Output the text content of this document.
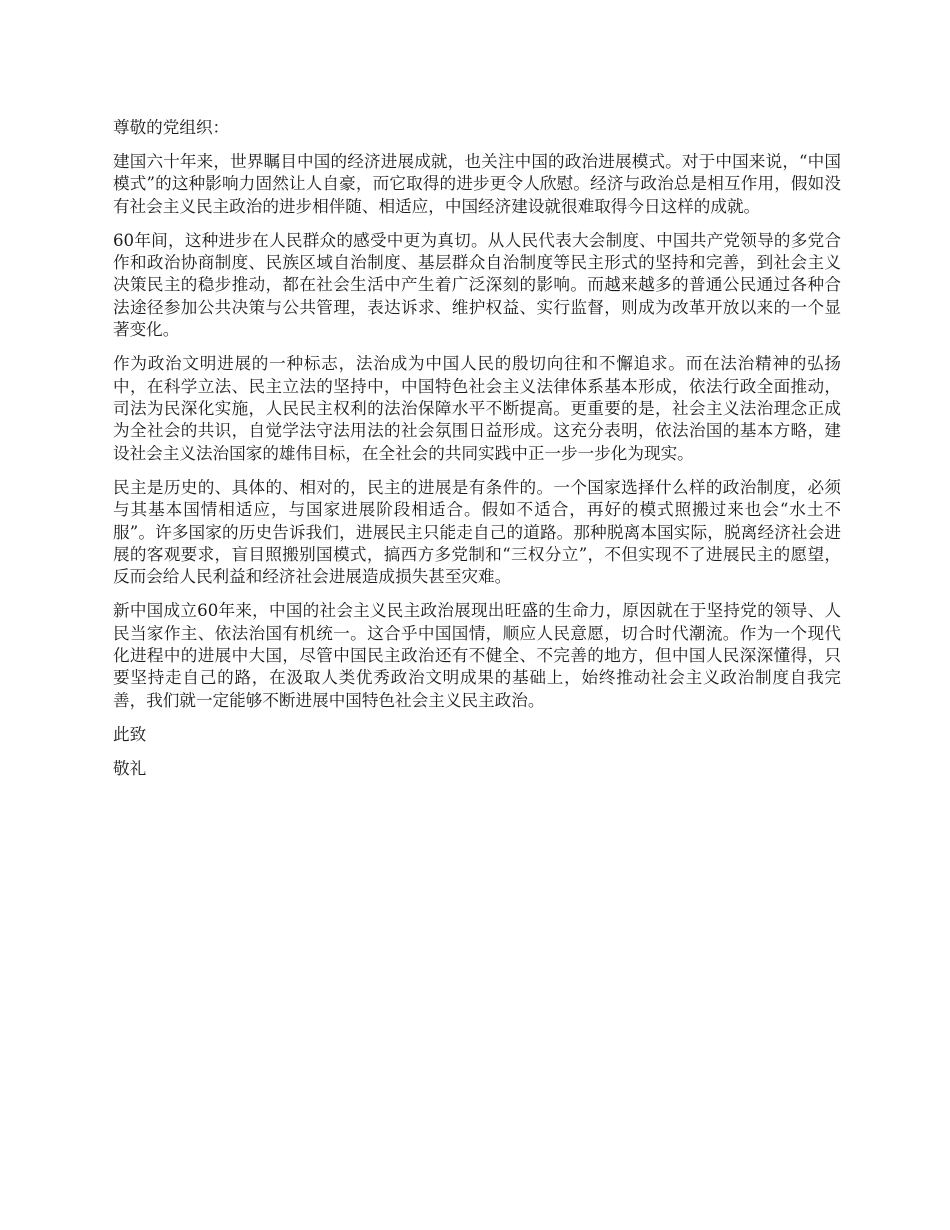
尊敬的党组织：
建国六十年来，世界瞩目中国的经济进展成就，也关注中国的政治进展模式。对于中国来说，“中国模式”的这种影响力固然让人自豪，而它取得的进步更令人欣慰。经济与政治总是相互作用，假如没有社会主义民主政治的进步相伴随、相适应，中国经济建设就很难取得今日这样的成就。
60年间，这种进步在人民群众的感受中更为真切。从人民代表大会制度、中国共产党领导的多党合作和政治协商制度、民族区域自治制度、基层群众自治制度等民主形式的坚持和完善，到社会主义决策民主的稳步推动，都在社会生活中产生着广泛深刻的影响。而越来越多的普通公民通过各种合法途径参加公共决策与公共管理，表达诉求、维护权益、实行监督，则成为改革开放以来的一个显著变化。
作为政治文明进展的一种标志，法治成为中国人民的殷切向往和不懈追求。而在法治精神的弘扬中，在科学立法、民主立法的坚持中，中国特色社会主义法律体系基本形成，依法行政全面推动，司法为民深化实施，人民民主权利的法治保障水平不断提高。更重要的是，社会主义法治理念正成为全社会的共识，自觉学法守法用法的社会氛围日益形成。这充分表明，依法治国的基本方略，建设社会主义法治国家的雄伟目标，在全社会的共同实践中正一步一步化为现实。
民主是历史的、具体的、相对的，民主的进展是有条件的。一个国家选择什么样的政治制度，必须与其基本国情相适应，与国家进展阶段相适合。假如不适合，再好的模式照搬过来也会“水土不服”。许多国家的历史告诉我们，进展民主只能走自己的道路。那种脱离本国实际，脱离经济社会进展的客观要求，盲目照搬别国模式，搞西方多党制和“三权分立”，不但实现不了进展民主的愿望，反而会给人民利益和经济社会进展造成损失甚至灾难。
新中国成立60年来，中国的社会主义民主政治展现出旺盛的生命力，原因就在于坚持党的领导、人民当家作主、依法治国有机统一。这合乎中国国情，顺应人民意愿，切合时代潮流。作为一个现代化进程中的进展中大国，尽管中国民主政治还有不健全、不完善的地方，但中国人民深深懂得，只要坚持走自己的路，在汲取人类优秀政治文明成果的基础上，始终推动社会主义政治制度自我完善，我们就一定能够不断进展中国特色社会主义民主政治。
此致
敬礼
